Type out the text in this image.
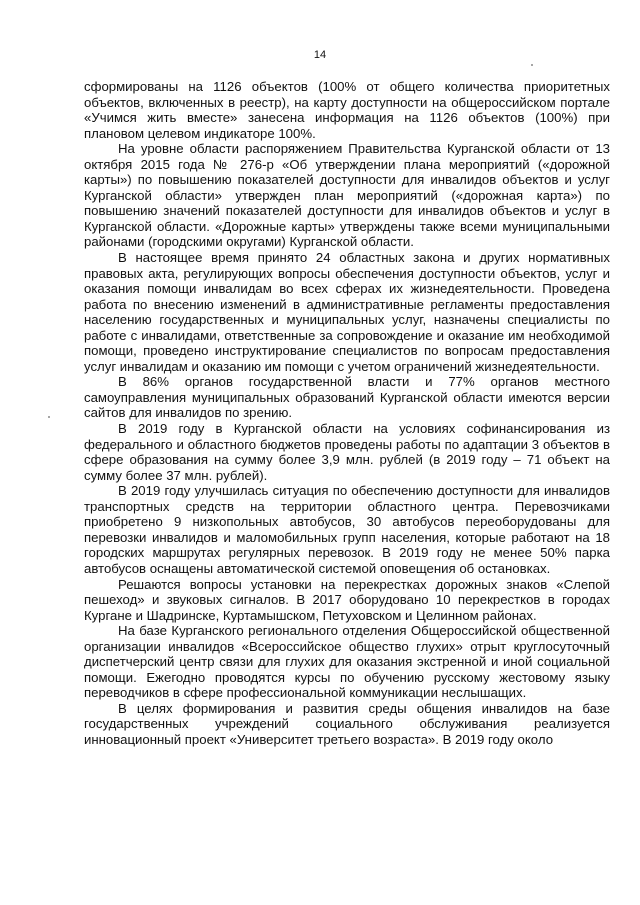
14

сформированы на 1126 объектов (100% от общего количества приоритетных объектов, включенных в реестр), на карту доступности на общероссийском портале «Учимся жить вместе» занесена информация на 1126 объектов (100%) при плановом целевом индикаторе 100%.

На уровне области распоряжением Правительства Курганской области от 13 октября 2015 года № 276-р «Об утверждении плана мероприятий («дорожной карты») по повышению показателей доступности для инвалидов объектов и услуг Курганской области» утвержден план мероприятий («дорожная карта») по повышению значений показателей доступности для инвалидов объектов и услуг в Курганской области. «Дорожные карты» утверждены также всеми муниципальными районами (городскими округами) Курганской области.

В настоящее время принято 24 областных закона и других нормативных правовых акта, регулирующих вопросы обеспечения доступности объектов, услуг и оказания помощи инвалидам во всех сферах их жизнедеятельности. Проведена работа по внесению изменений в административные регламенты предоставления населению государственных и муниципальных услуг, назначены специалисты по работе с инвалидами, ответственные за сопровождение и оказание им необходимой помощи, проведено инструктирование специалистов по вопросам предоставления услуг инвалидам и оказанию им помощи с учетом ограничений жизнедеятельности.

В 86% органов государственной власти и 77% органов местного самоуправления муниципальных образований Курганской области имеются версии сайтов для инвалидов по зрению.

В 2019 году в Курганской области на условиях софинансирования из федерального и областного бюджетов проведены работы по адаптации 3 объектов в сфере образования на сумму более 3,9 млн. рублей (в 2019 году – 71 объект на сумму более 37 млн. рублей).

В 2019 году улучшилась ситуация по обеспечению доступности для инвалидов транспортных средств на территории областного центра. Перевозчиками приобретено 9 низкопольных автобусов, 30 автобусов переоборудованы для перевозки инвалидов и маломобильных групп населения, которые работают на 18 городских маршрутах регулярных перевозок. В 2019 году не менее 50% парка автобусов оснащены автоматической системой оповещения об остановках.

Решаются вопросы установки на перекрестках дорожных знаков «Слепой пешеход» и звуковых сигналов. В 2017 оборудовано 10 перекрестков в городах Кургане и Шадринске, Куртамышском, Петуховском и Целинном районах.

На базе Курганского регионального отделения Общероссийской общественной организации инвалидов «Всероссийское общество глухих» отрыт круглосуточный диспетчерский центр связи для глухих для оказания экстренной и иной социальной помощи. Ежегодно проводятся курсы по обучению русскому жестовому языку переводчиков в сфере профессиональной коммуникации неслышащих.

В целях формирования и развития среды общения инвалидов на базе государственных учреждений социального обслуживания реализуется инновационный проект «Университет третьего возраста». В 2019 году около
